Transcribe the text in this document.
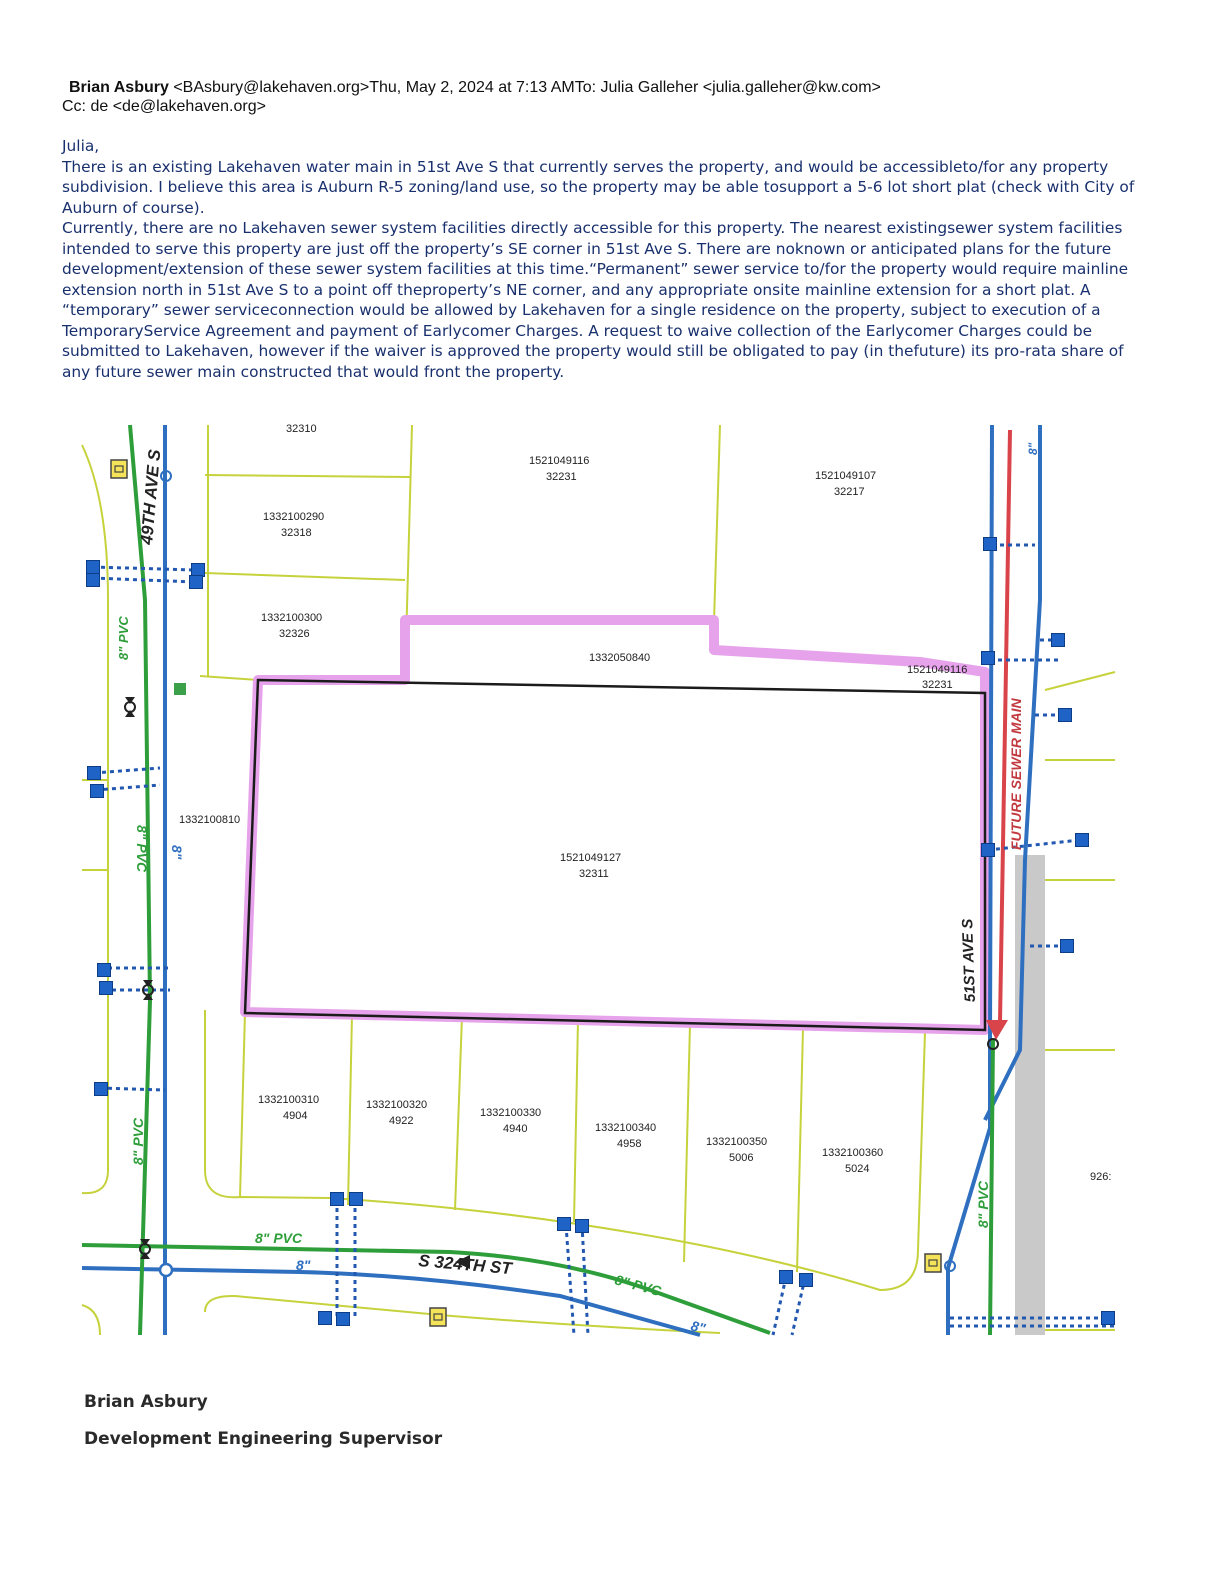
Brian Asbury <BAsbury@lakehaven.org>Thu, May 2, 2024 at 7:13 AMTo: Julia Galleher <julia.galleher@kw.com>
Cc: de <de@lakehaven.org>

Julia,

There is an existing Lakehaven water main in 51st Ave S that currently serves the property, and would be accessibleto/for any property subdivision. I believe this area is Auburn R-5 zoning/land use, so the property may be able tosupport a 5-6 lot short plat (check with City of Auburn of course).

Currently, there are no Lakehaven sewer system facilities directly accessible for this property. The nearest existingsewer system facilities intended to serve this property are just off the property’s SE corner in 51st Ave S. There are noknown or anticipated plans for the future development/extension of these sewer system facilities at this time.“Permanent” sewer service to/for the property would require mainline extension north in 51st Ave S to a point off theproperty’s NE corner, and any appropriate onsite mainline extension for a short plat. A “temporary” sewer serviceconnection would be allowed by Lakehaven for a single residence on the property, subject to execution of a TemporaryService Agreement and payment of Earlycomer Charges. A request to waive collection of the Earlycomer Charges could be submitted to Lakehaven, however if the waiver is approved the property would still be obligated to pay (in thefuture) its pro-rata share of any future sewer main constructed that would front the property.

49TH AVE S
51ST AVE S
S 324TH ST
FUTURE SEWER MAIN
8" PVC
8" PVC 8"
8" PVC
8" PVC
8"
8" PVC
8"
8" PVC
8"
32310
1332100290
32318
1332100300
32326
1521049116
32231	1521049107
32217
1332050840
1521049116
32231
1332100810
1521049127
32311
1332100310
4904
1332100320
4922
1332100330
4940	1332100340
4958	1332100350
5006	1332100360
5024
926:
Brian Asbury
Development Engineering Supervisor
